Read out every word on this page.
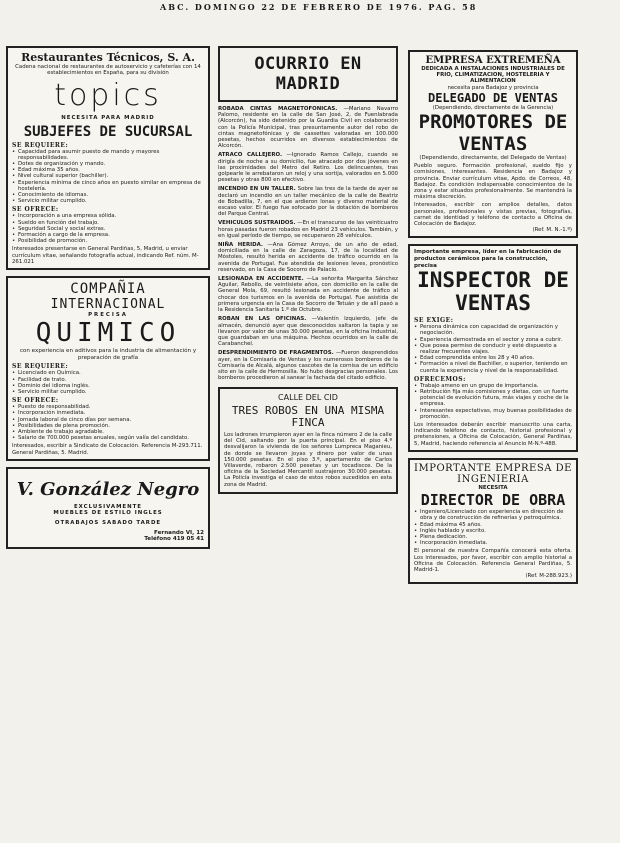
ABC. DOMINGO 22 DE FEBRERO DE 1976. PAG. 58
Restaurantes Técnicos, S. A.
Cadena nacional de restaurantes de autoservicio y cafeterías con 14 establecimientos en España, para su división
topics
NECESITA PARA MADRID
SUBJEFES DE SUCURSAL
SE REQUIERE:
• Capacidad para asumir puesto de mando y mayores responsabilidades.
• Dotes de organización y mando.
• Edad máxima 35 años.
• Nivel cultural superior (bachiller).
• Experiencia mínima de cinco años en puesto similar en empresa de hostelería.
• Conocimiento de idiomas.
• Servicio militar cumplido.
SE OFRECE:
• Incorporación a una empresa sólida.
• Sueldo en función del trabajo.
• Seguridad Social y social extras.
• Formación a cargo de la empresa.
• Posibilidad de promoción.
Interesados presentarse en General Pardiñas, 5, Madrid, u enviar currículum vitae, señalando fotografía actual, indicando Ref. núm. M-261.021
COMPAÑIA
INTERNACIONAL
PRECISA
QUIMICO
con experiencia en aditivos para la industria de alimentación y preparación de grafía
SE REQUIERE:
• Licenciado en Química.
• Facilidad de trato.
• Dominio del idioma inglés.
• Servicio militar cumplido.
SE OFRECE:
• Puesto de responsabilidad.
• Incorporación inmediata.
• Jornada laboral de cinco días por semana.
• Posibilidades de plena promoción.
• Ambiente de trabajo agradable.
• Salario de 700.000 pesetas anuales, según valía del candidato.
Interesados, escribir a Sindicato de Colocación. Referencia M-293.711. General Pardiñas, 5. Madrid.
V. González Negro
EXCLUSIVAMENTE
MUEBLES DE ESTILO INGLES
OTRABAJOS SABADO TARDE
Fernando VI, 12
Teléfono 419 05 41
OCURRIO EN MADRID

ROBADA CINTAS MAGNETOFONICAS. —Mariano Navarro Palomo, residente en la calle de San José, 2, de Fuenlabrada (Alcorcón), ha sido detenido por la Guardia Civil en colaboración con la Policía Municipal, tras presuntamente autor del robo de cintas magnetofónicas y de cassettes valoradas en 100.000 pesetas, hechos ocurridos en diversos establecimientos de Alcorcón.

ATRACO CALLEJERO. —Ignorado Ramos Callejo, cuando se dirigía de noche a su domicilio, fue atracado por dos jóvenes en las proximidades del Metro del Retiro. Los delincuentes, tras golpearle le arrebataron un reloj y una sortija, valorados en 5.000 pesetas y otras 800 en efectivo.

INCENDIO EN UN TALLER. Sobre las tres de la tarde de ayer se declaró un incendio en un taller mecánico de la calle de Beatriz de Bobadilla, 7, en el que ardieron lonas y diverso material de escaso valor. El fuego fue sofocado por la dotación de bomberos del Parque Central.

VEHICULOS SUSTRAIDOS. —En el transcurso de las veinticuatro horas pasadas fueron robados en Madrid 23 vehículos. También, y en igual período de tiempo, se recuperaron 28 vehículos.

NIÑA HERIDA. —Ana Gómez Arroyo, de un año de edad, domiciliada en la calle de Zaragoza, 17, de la localidad de Móstoles, resultó herida en accidente de tráfico ocurrido en la avenida de Portugal. Fue atendida de lesiones leves, pronóstico reservado, en la Casa de Socorro de Palacio.

LESIONADA EN ACCIDENTE. —La señorita Margarita Sánchez Aguilar, Rebollo, de veintisiete años, con domicilio en la calle de General Mola, 69, resultó lesionada en accidente de tráfico al chocar dos turismos en la avenida de Portugal. Fue asistida de primera urgencia en la Casa de Socorro de Tetuán y de allí pasó a la Residencia Sanitaria 1.º de Octubre.

ROBAN EN LAS OFICINAS. —Valentín Izquierdo, jefe de almacén, denunció ayer que desconocidos saltaron la tapia y se llevaron por valor de unas 30.000 pesetas, en la oficina Industrial, que guardaban en una máquina. Hechos ocurridos en la calle de Carabanchel.

DESPRENDIMIENTO DE FRAGMENTOS. —Fueron desprendidos ayer, en la Comisaría de Ventas y los numerosos bomberos de la Comisaría de Alcalá, algunos cascotes de la cornisa de un edificio sito en la calle de Hermosilla. No hubo desgracias personales. Los bomberos procedieron al sanear la fachada del citado edificio.

CALLE DEL CID
TRES ROBOS EN UNA MISMA FINCA
Los ladrones irrumpieron ayer en la finca número 2 de la calle del Cid, saltando por la puerta principal. En el piso 4.º desvalijaron la vivienda de los señores Lumpreca Maganieu, de donde se llevaron joyas y dinero por valor de unas 150.000 pesetas. En el piso 3.º, apartamento de Carlos Villaverde, robaron 2.500 pesetas y un tocadiscos. De la oficina de la Sociedad Mercantil sustrajeron 30.000 pesetas. La Policía investiga el caso de estos robos sucedidos en esta zona de Madrid.
EMPRESA EXTREMEÑA
DEDICADA A INSTALACIONES INDUSTRIALES DE FRIO, CLIMATIZACION, HOSTELERIA Y ALIMENTACION
necesita para Badajoz y provincia
DELEGADO DE VENTAS
(Dependiendo, directamente de la Gerencia)
PROMOTORES DE VENTAS
(Dependiendo, directamente, del Delegado de Ventas)
Pueblo seguro. Formación profesional, sueldo fijo y comisiones, interesantes. Residencia en Badajoz y provincia. Enviar currículum vitae, Apdo. de Correos, 48, Badajoz. Es condición indispensable conocimientos de la zona y estar situados profesionalmente. Se mantendrá la máxima discreción.
Interesados, escribir con amplios detalles, datos personales, profesionales y vistas previas, fotografías, carnet de identidad y teléfono de contacto a Oficina de Colocación de Badajoz.
(Ref. M. N.-1.º)
Importante empresa, líder en la fabricación de productos cerámicos para la construcción, precisa
INSPECTOR DE VENTAS
SE EXIGE:
• Persona dinámica con capacidad de organización y negociación.
• Experiencia demostrada en el sector y zona a cubrir.
• Que posea permiso de conducir y esté dispuesto a realizar frecuentes viajes.
• Edad comprendida entre los 28 y 40 años.
• Formación a nivel de Bachiller, o superior, teniendo en cuenta la experiencia y nivel de la responsabilidad.
OFRECEMOS:
• Trabajo ameno en un grupo de importancia.
• Retribución fija más comisiones y dietas, con un fuerte potencial de evolución futura, más viajes y coche de la empresa.
• Interesantes expectativas, muy buenas posibilidades de promoción.
Los interesados deberán escribir manuscrito una carta, indicando teléfono de contacto, historial profesional y pretensiones, a Oficina de Colocación, General Pardiñas, 5, Madrid, haciendo referencia al Anuncio M-N.º-488.
IMPORTANTE EMPRESA DE INGENIERIA
NECESITA
DIRECTOR DE OBRA
• Ingeniero/Licenciado con experiencia en dirección de obra y de construcción de refinerías y petroquímica.
• Edad máxima 45 años.
• Inglés hablado y escrito.
• Plena dedicación.
• Incorporación inmediata.
El personal de nuestra Compañía conocerá esta oferta. Los interesados, por favor, escribir con amplio historial a Oficina de Colocación. Referencia General Pardiñas, 5. Madrid-1.
(Ref. M-288.923.)
